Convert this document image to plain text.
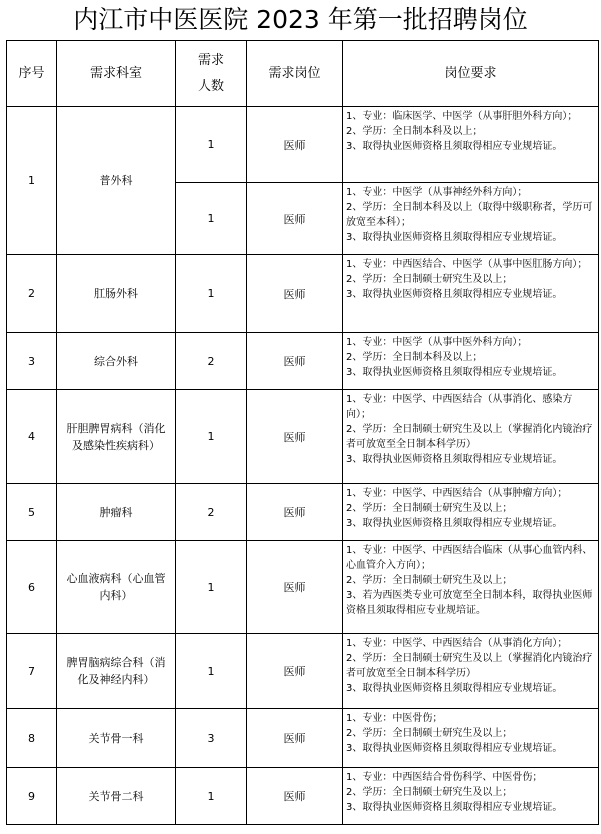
内江市中医医院 2023 年第一批招聘岗位
序号	需求科室	需求人数	需求岗位	岗位要求
1	普外科	1	医师	1、专业：临床医学、中医学（从事肝胆外科方向）；
2、学历：全日制本科及以上；
3、取得执业医师资格且须取得相应专业规培证。

		1	医师	1、专业：中医学（从事神经外科方向）；
2、学历：全日制本科及以上（取得中级职称者，学历可放宽至本科）；
3、取得执业医师资格且须取得相应专业规培证。

2	肛肠外科	1	医师	1、专业：中西医结合、中医学（从事中医肛肠方向）；
2、学历：全日制硕士研究生及以上；
3、取得执业医师资格且须取得相应专业规培证。

3	综合外科	2	医师	1、专业：中医学（从事中医外科方向）；
2、学历：全日制本科及以上；
3、取得执业医师资格且须取得相应专业规培证。

4	肝胆脾胃病科（消化及感染性疾病科）	1	医师	1、专业：中医学、中西医结合（从事消化、感染方向）；
2、学历：全日制硕士研究生及以上（掌握消化内镜治疗者可放宽至全日制本科学历）
3、取得执业医师资格且须取得相应专业规培证。

5	肿瘤科	2	医师	1、专业：中医学、中西医结合（从事肿瘤方向）；
2、学历：全日制硕士研究生及以上；
3、取得执业医师资格且须取得相应专业规培证。

6	心血液病科（心血管内科）	1	医师	1、专业：中医学、中西医结合临床（从事心血管内科、心血管介入方向）；
2、学历：全日制硕士研究生及以上；
3、若为西医类专业可放宽至全日制本科，取得执业医师资格且须取得相应专业规培证。

7	脾胃脑病综合科（消化及神经内科）	1	医师	1、专业：中医学、中西医结合（从事消化方向）；
2、学历：全日制硕士研究生及以上（掌握消化内镜治疗者可放宽至全日制本科学历）
3、取得执业医师资格且须取得相应专业规培证。

8	关节骨一科	3	医师	1、专业：中医骨伤；
2、学历：全日制硕士研究生及以上；
3、取得执业医师资格且须取得相应专业规培证。

9	关节骨二科	1	医师	1、专业：中西医结合骨伤科学、中医骨伤；
2、学历：全日制硕士研究生及以上；
3、取得执业医师资格且须取得相应专业规培证。
